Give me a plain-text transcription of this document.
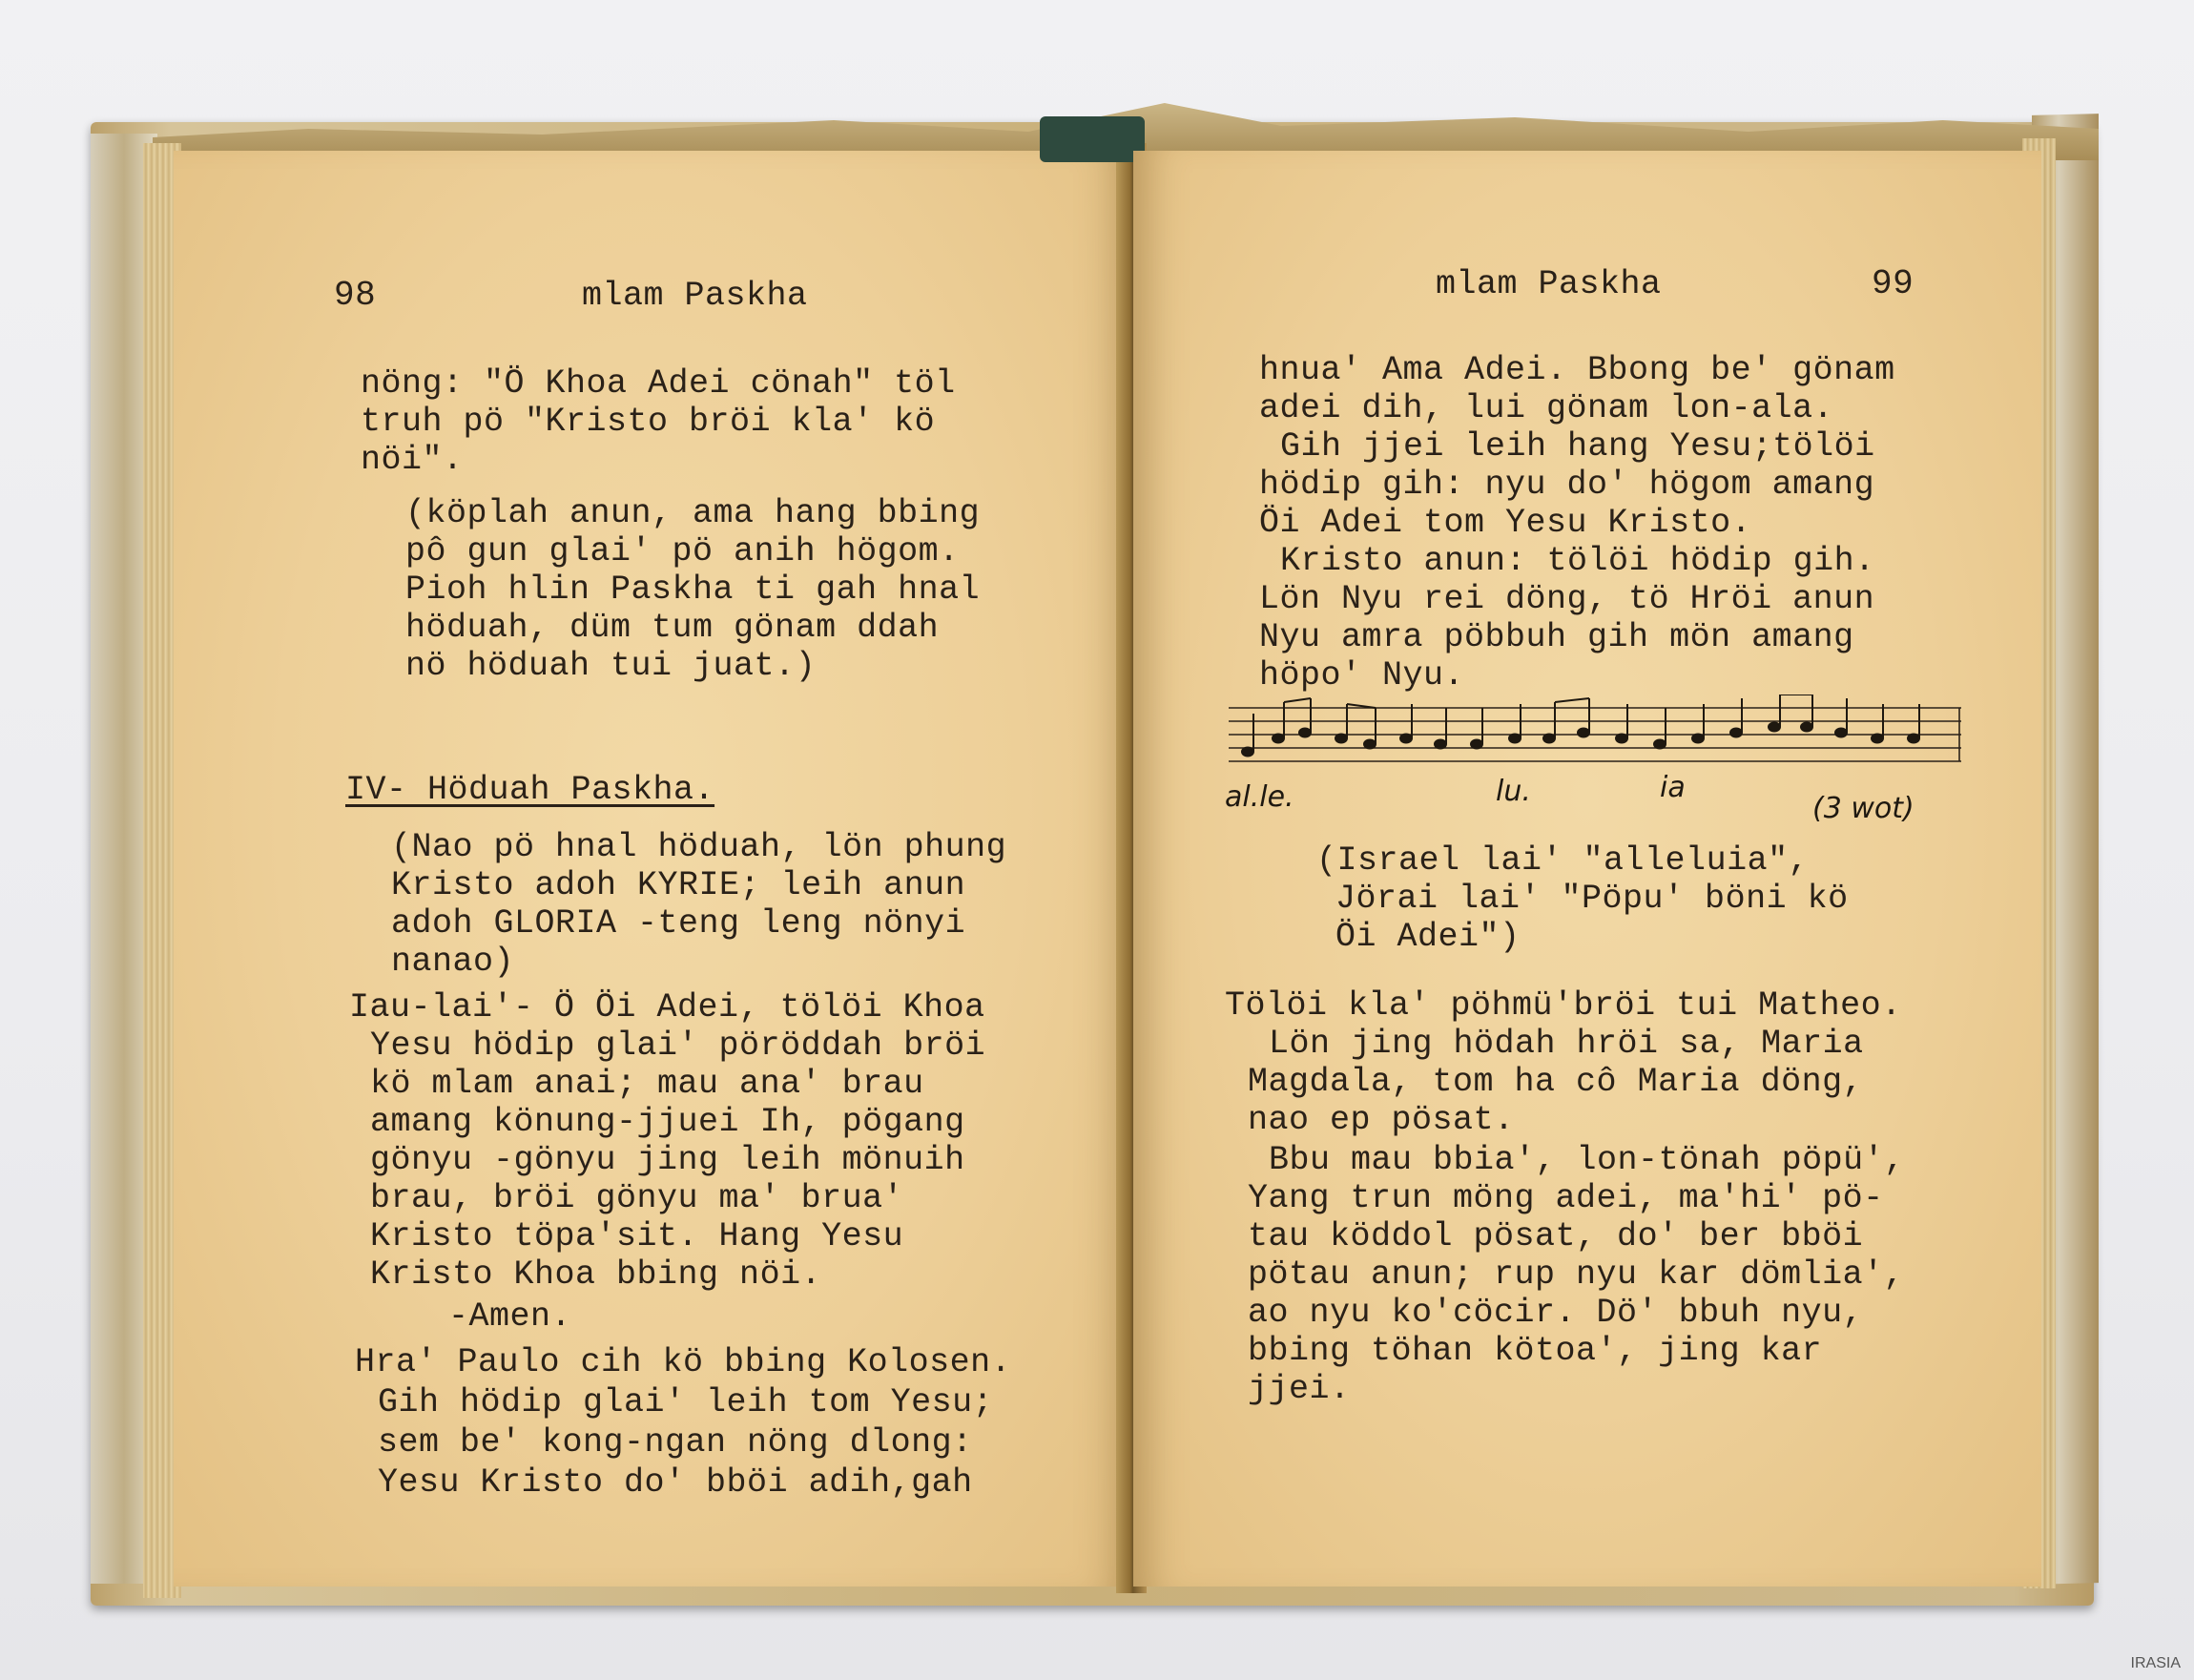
98	mlam Paskha
nöng: "Ö Khoa Adei cönah" töl
truh pö "Kristo bröi kla' kö
nöi".
(köplah anun, ama hang bbing
pô gun glai' pö anih högom.
Pioh hlin Paskha ti gah hnal
höduah, düm tum gönam ddah
nö höduah tui juat.)
IV- Höduah Paskha.
(Nao pö hnal höduah, lön phung
Kristo adoh KYRIE; leih anun
adoh GLORIA -teng leng nönyi
nanao)
Iau-lai'- Ö Öi Adei, tölöi Khoa
Yesu hödip glai' pöröddah bröi
kö mlam anai; mau ana' brau
amang könung-jjuei Ih, pögang
gönyu -gönyu jing leih mönuih
brau, bröi gönyu ma' brua'
Kristo töpa'sit. Hang Yesu
Kristo Khoa bbing nöi.
-Amen.
Hra' Paulo cih kö bbing Kolosen.
Gih hödip glai' leih tom Yesu;
sem be' kong-ngan nöng dlong:
Yesu Kristo do' bböi adih,gah
mlam Paskha	99
hnua' Ama Adei. Bbong be' gönam
adei dih, lui gönam lon-ala.
Gih jjei leih hang Yesu;tölöi
hödip gih: nyu do' högom amang
Öi Adei tom Yesu Kristo.
Kristo anun: tölöi hödip gih.
Lön Nyu rei döng, tö Hröi anun
Nyu amra pöbbuh gih mön amang
höpo' Nyu.
al.le.	lu.	ia
(3 wot)
(Israel lai' "alleluia",
Jörai lai' "Pöpu' böni kö
Öi Adei")
Tölöi kla' pöhmü'bröi tui Matheo.
Lön jing hödah hröi sa, Maria
Magdala, tom ha cô Maria döng,
nao ep pösat.
Bbu mau bbia', lon-tönah pöpü',
Yang trun möng adei, ma'hi' pö-
tau köddol pösat, do' ber bböi
pötau anun; rup nyu kar dömlia',
ao nyu ko'cöcir. Dö' bbuh nyu,
bbing töhan kötoa', jing kar
jjei.
IRASIA
